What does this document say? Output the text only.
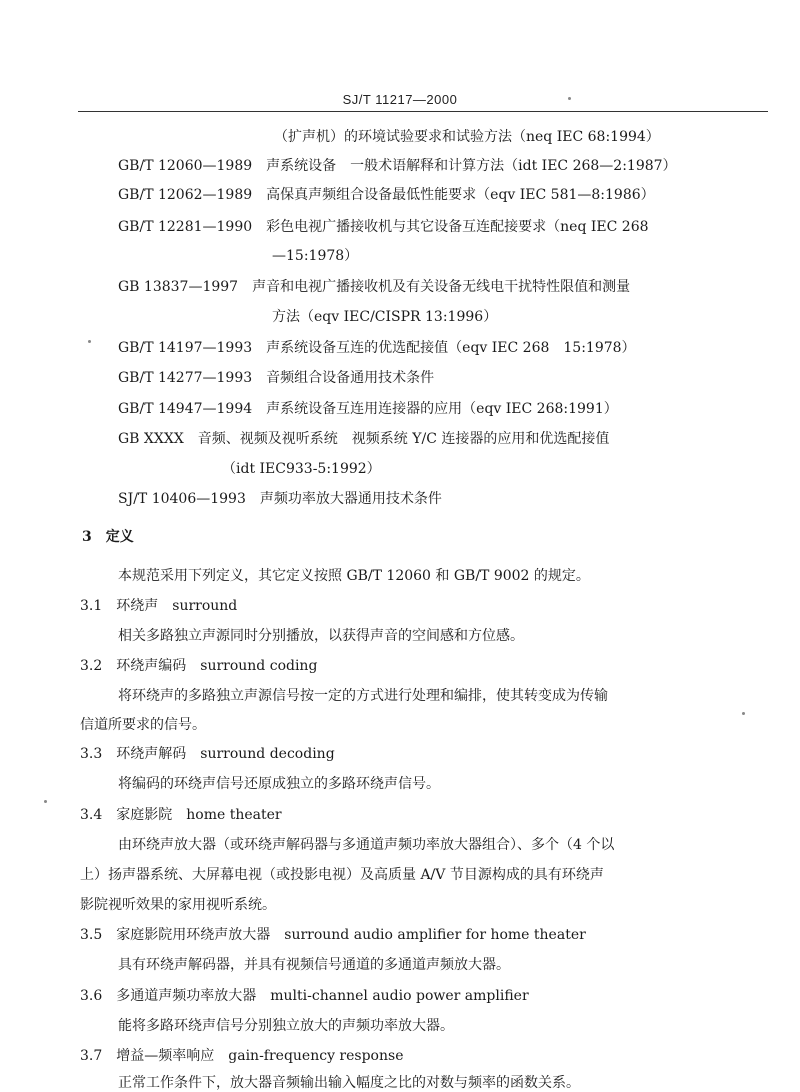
SJ/T 11217—2000
（扩声机）的环境试验要求和试验方法（neq IEC 68:1994）
GB/T 12060—1989 声系统设备　一般术语解释和计算方法（idt IEC 268—2:1987）
GB/T 12062—1989 高保真声频组合设备最低性能要求（eqv IEC 581—8:1986）
GB/T 12281—1990 彩色电视广播接收机与其它设备互连配接要求（neq IEC 268
—15:1978）
GB 13837—1997 声音和电视广播接收机及有关设备无线电干扰特性限值和测量
方法（eqv IEC/CISPR 13:1996）
GB/T 14197—1993 声系统设备互连的优选配接值（eqv IEC 268　15:1978）
GB/T 14277—1993 音频组合设备通用技术条件
GB/T 14947—1994 声系统设备互连用连接器的应用（eqv IEC 268:1991）
GB XXXX 音频、视频及视听系统　视频系统 Y/C 连接器的应用和优选配接值
（idt IEC933-5:1992）
SJ/T 10406—1993 声频功率放大器通用技术条件
3　定义
本规范采用下列定义，其它定义按照 GB/T 12060 和 GB/T 9002 的规定。
3.1　环绕声　surround
相关多路独立声源同时分别播放，以获得声音的空间感和方位感。
3.2　环绕声编码　surround coding
将环绕声的多路独立声源信号按一定的方式进行处理和编排，使其转变成为传输
信道所要求的信号。
3.3　环绕声解码　surround decoding
将编码的环绕声信号还原成独立的多路环绕声信号。
3.4　家庭影院　home theater
由环绕声放大器（或环绕声解码器与多通道声频功率放大器组合）、多个（4 个以
上）扬声器系统、大屏幕电视（或投影电视）及高质量 A/V 节目源构成的具有环绕声
影院视听效果的家用视听系统。
3.5　家庭影院用环绕声放大器　surround audio amplifier for home theater
具有环绕声解码器，并具有视频信号通道的多通道声频放大器。
3.6　多通道声频功率放大器　multi-channel audio power amplifier
能将多路环绕声信号分别独立放大的声频功率放大器。
3.7　增益—频率响应　gain-frequency response
正常工作条件下，放大器音频输出输入幅度之比的对数与频率的函数关系。
